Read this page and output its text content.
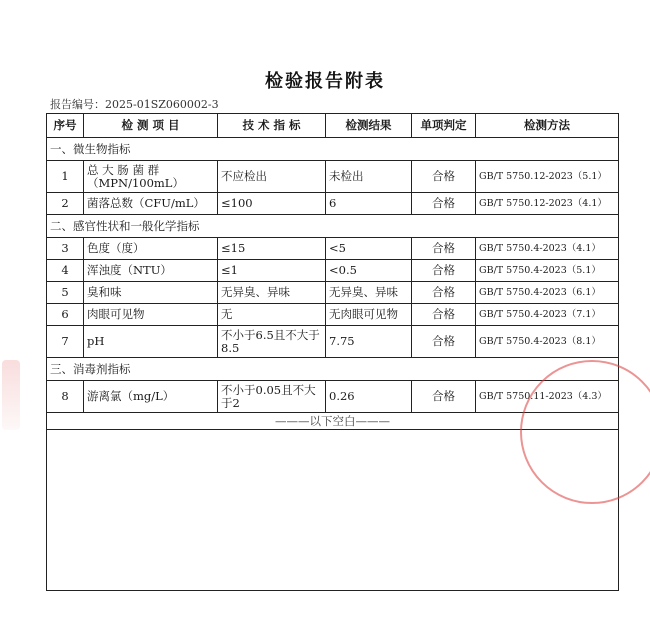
检验报告附表
报告编号：2025-01SZ060002-3
序号	检 测 项 目	技 术 指 标	检测结果	单项判定	检测方法
一、微生物指标					
1	总 大 肠 菌 群（MPN/100mL）	不应检出	未检出	合格	GB/T 5750.12-2023（5.1）
2	菌落总数（CFU/mL）	≤100	6	合格	GB/T 5750.12-2023（4.1）
二、感官性状和一般化学指标					
3	色度（度）	≤15	<5	合格	GB/T 5750.4-2023（4.1）
4	浑浊度（NTU）	≤1	<0.5	合格	GB/T 5750.4-2023（5.1）
5	臭和味	无异臭、异味	无异臭、异味	合格	GB/T 5750.4-2023（6.1）
6	肉眼可见物	无	无肉眼可见物	合格	GB/T 5750.4-2023（7.1）
7	pH	不小于6.5且不大于8.5	7.75	合格	GB/T 5750.4-2023（8.1）
三、消毒剂指标					
8	游离氯（mg/L）	不小于0.05且不大于2	0.26	合格	GB/T 5750.11-2023（4.3）
———以下空白———					
